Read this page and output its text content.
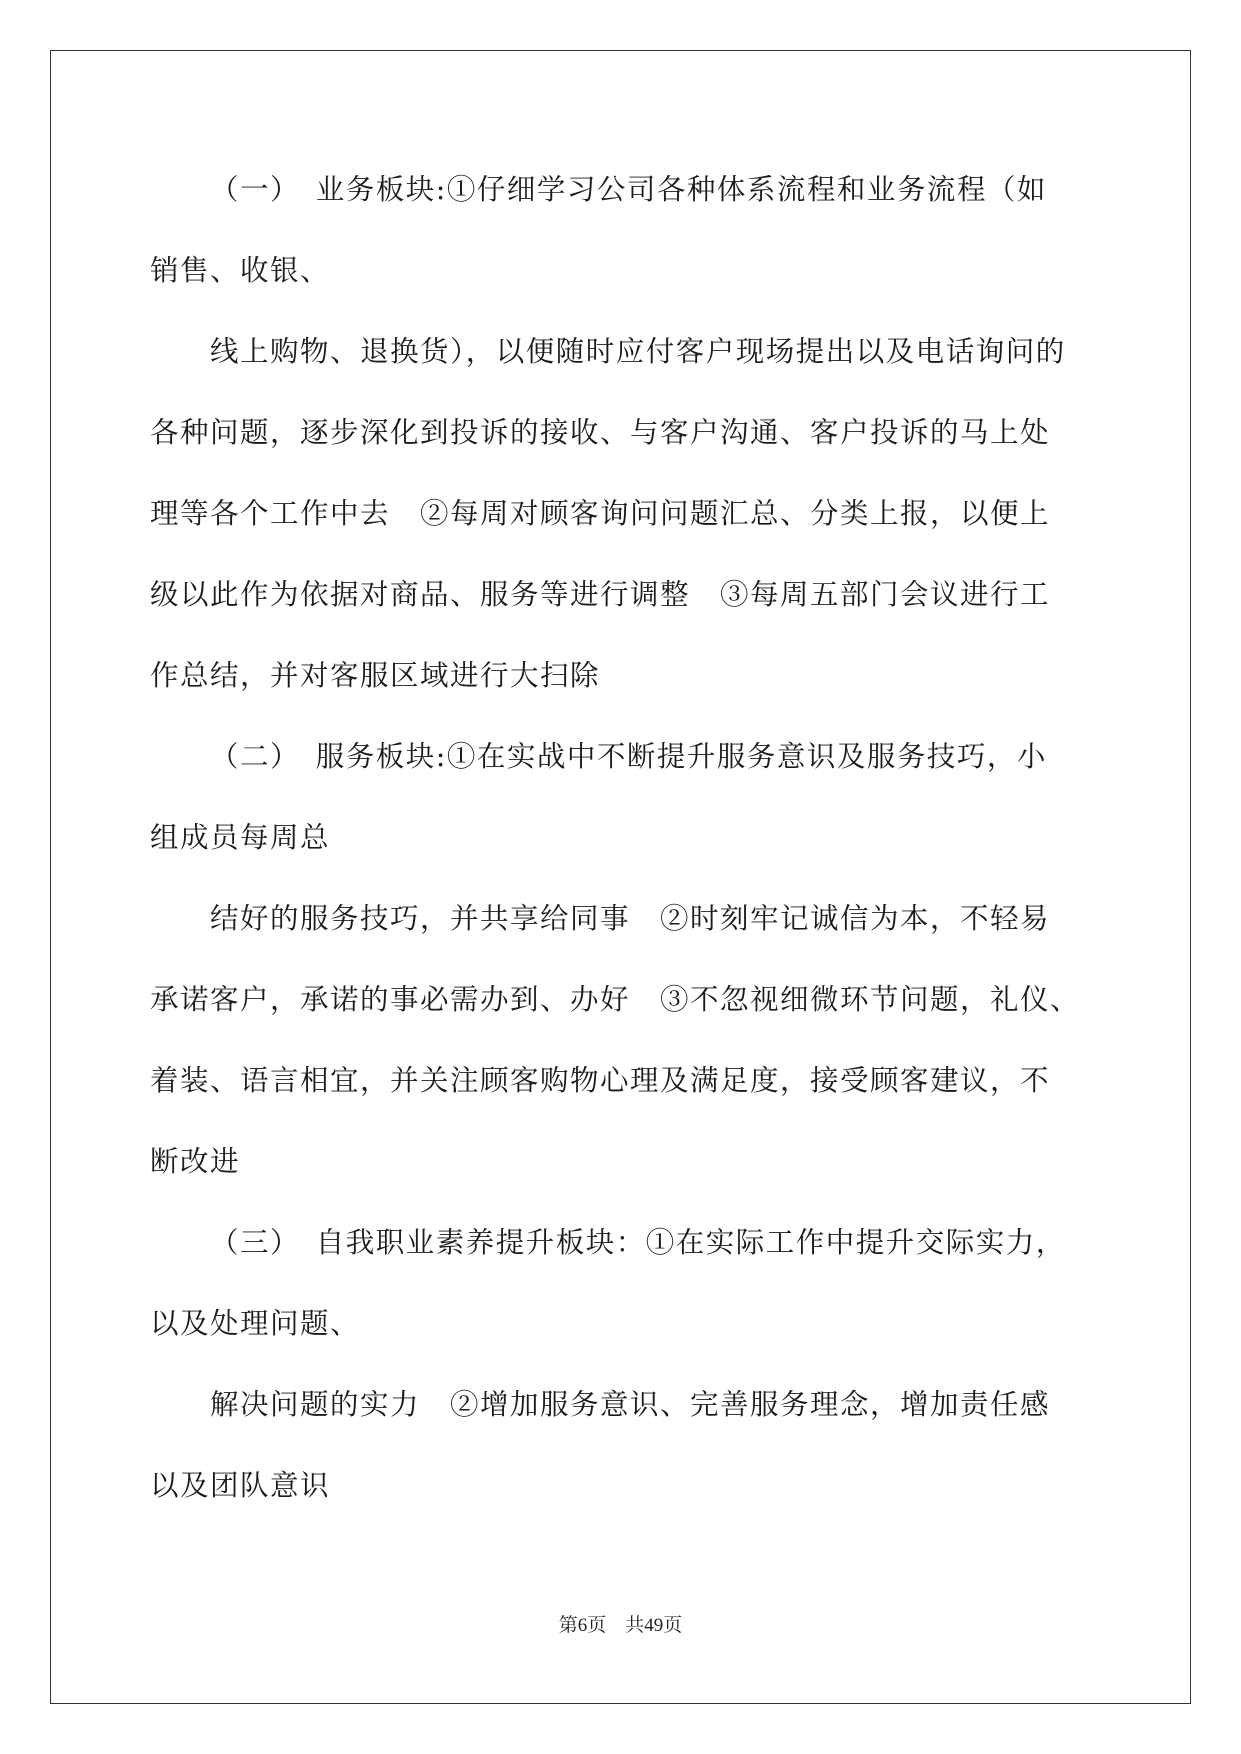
（一）　业务板块:①仔细学习公司各种体系流程和业务流程（如
销售、收银、
线上购物、退换货），以便随时应付客户现场提出以及电话询问的
各种问题，逐步深化到投诉的接收、与客户沟通、客户投诉的马上处
理等各个工作中去　②每周对顾客询问问题汇总、分类上报，以便上
级以此作为依据对商品、服务等进行调整　③每周五部门会议进行工
作总结，并对客服区域进行大扫除
（二）　服务板块:①在实战中不断提升服务意识及服务技巧，小
组成员每周总
结好的服务技巧，并共享给同事　②时刻牢记诚信为本，不轻易
承诺客户，承诺的事必需办到、办好　③不忽视细微环节问题，礼仪、
着装、语言相宜，并关注顾客购物心理及满足度，接受顾客建议，不
断改进
（三）　自我职业素养提升板块：①在实际工作中提升交际实力，
以及处理问题、
解决问题的实力　②增加服务意识、完善服务理念，增加责任感
以及团队意识
第6页　共49页
